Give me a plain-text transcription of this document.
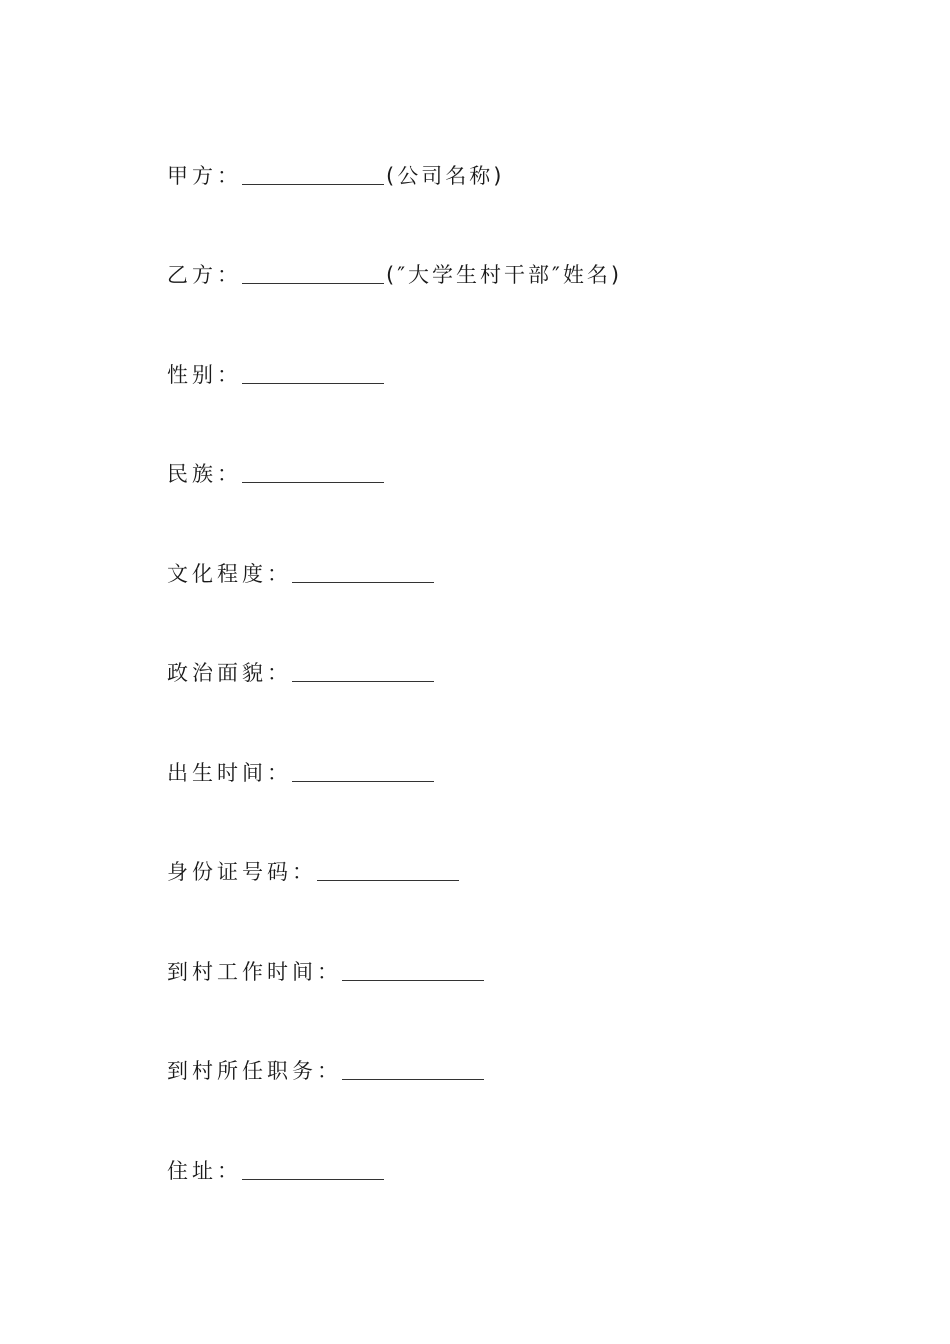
甲方：	(公司名称)
乙方：	(″大学生村干部″姓名)
性别：
民族：
文化程度：
政治面貌：
出生时间：
身份证号码：
到村工作时间：
到村所任职务：
住址：
